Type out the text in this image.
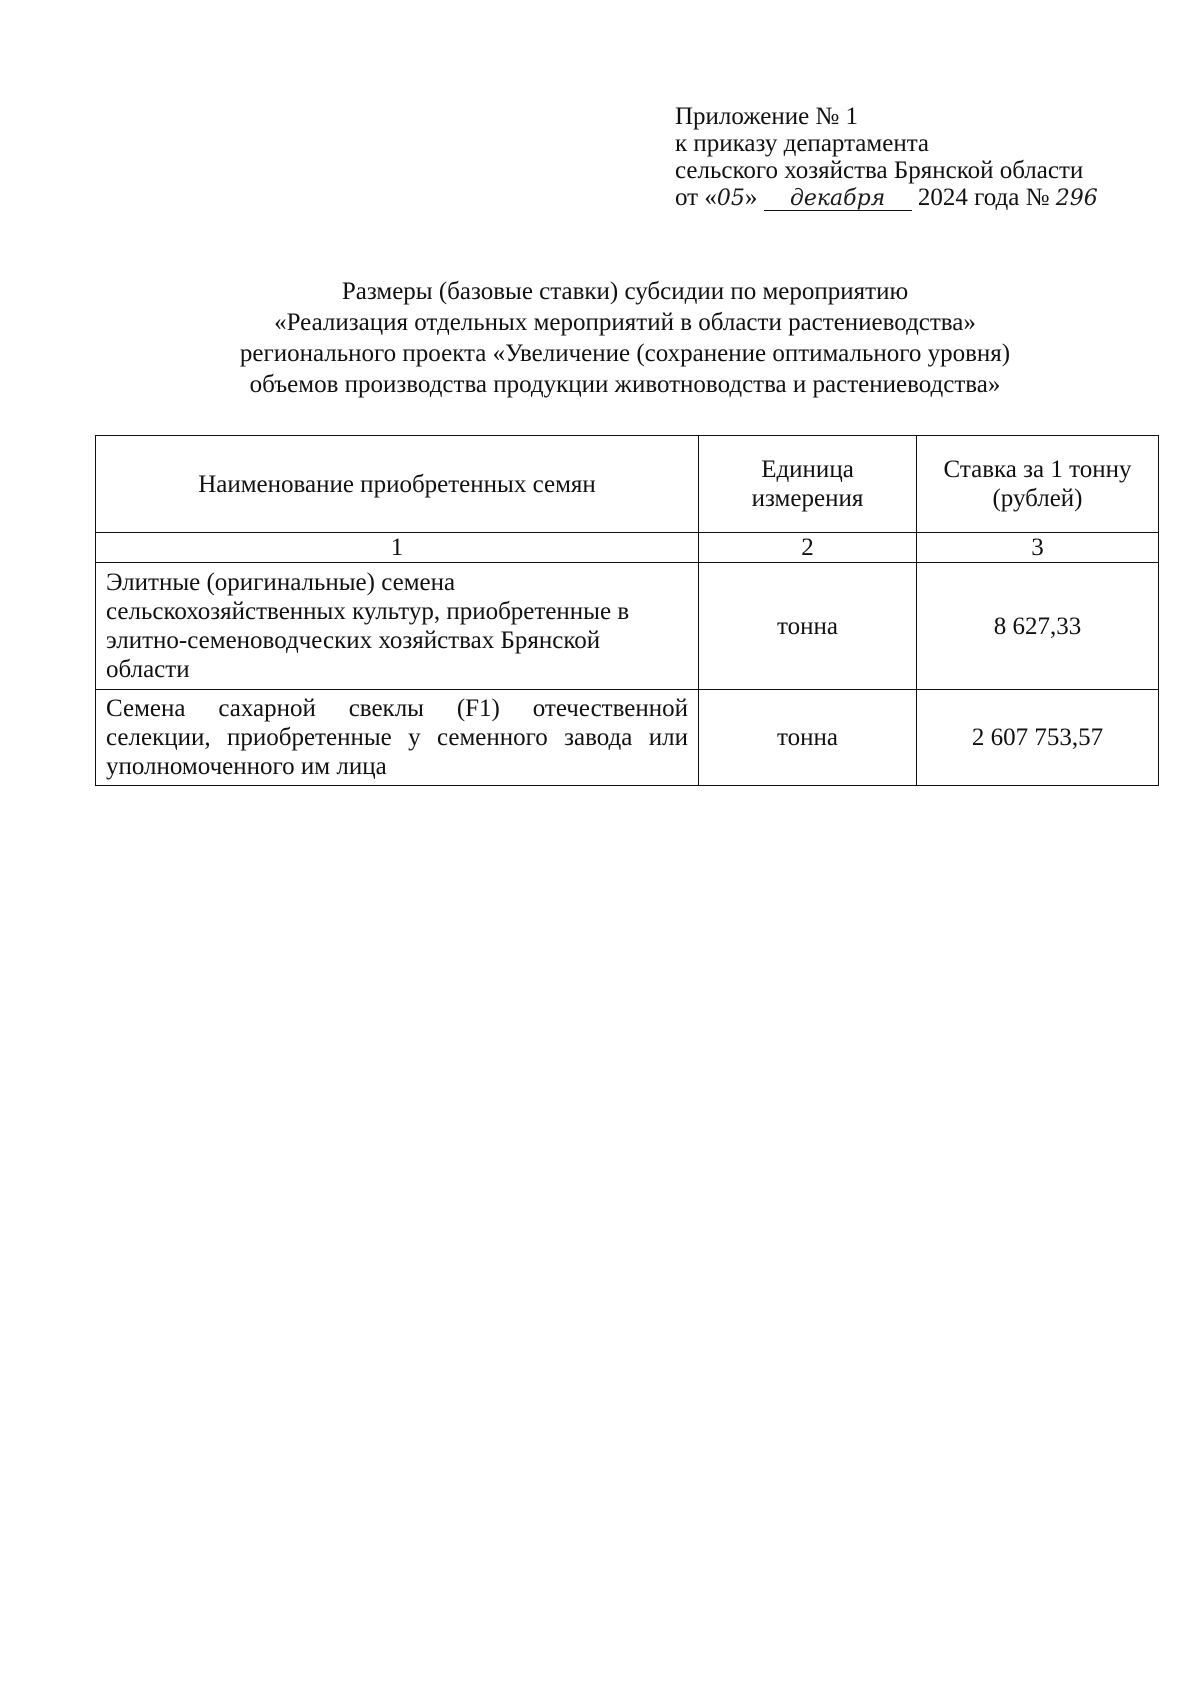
Приложение № 1
к приказу департамента
сельского хозяйства Брянской области
от «05» декабря 2024 года № 296
Размеры (базовые ставки) субсидии по мероприятию
«Реализация отдельных мероприятий в области растениеводства»
регионального проекта «Увеличение (сохранение оптимального уровня)
объемов производства продукции животноводства и растениеводства»
Наименование приобретенных семян	Единица измерения	Ставка за 1 тонну (рублей)
1	2	3
Элитные (оригинальные) семена сельскохозяйственных культур, приобретенные в элитно-семеноводческих хозяйствах Брянской области	тонна	8 627,33
Семена сахарной свеклы (F1) отечественной селекции, приобретенные у семенного завода или уполномоченного им лица	тонна	2 607 753,57
